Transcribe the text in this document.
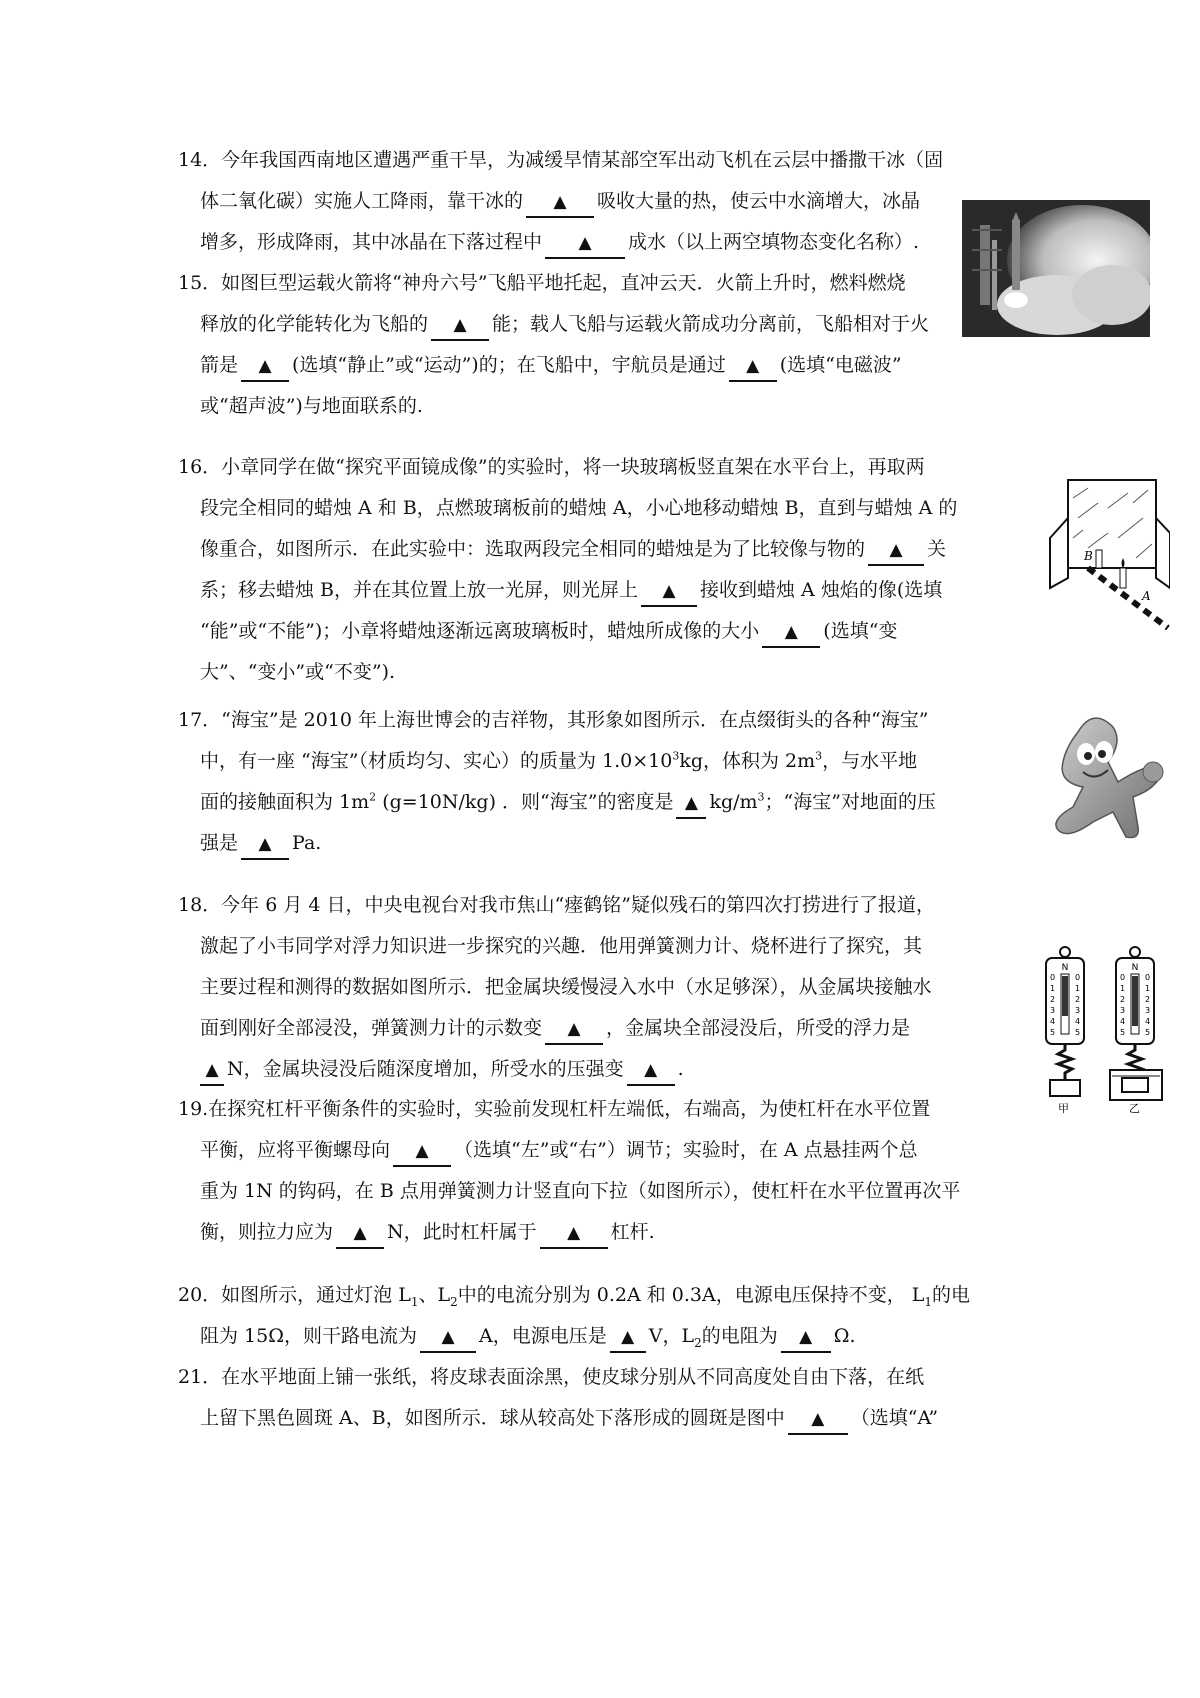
14．今年我国西南地区遭遇严重干旱，为减缓旱情某部空军出动飞机在云层中播撒干冰（固
体二氧化碳）实施人工降雨，靠干冰的 ▲ 吸收大量的热，使云中水滴增大，冰晶
增多，形成降雨，其中冰晶在下落过程中 ▲ 成水（以上两空填物态变化名称）.
15．如图巨型运载火箭将“神舟六号”飞船平地托起，直冲云天．火箭上升时，燃料燃烧
释放的化学能转化为飞船的 ▲ 能；载人飞船与运载火箭成功分离前，飞船相对于火
箭是 ▲ (选填“静止”或“运动”)的；在飞船中，宇航员是通过 ▲ (选填“电磁波”
或“超声波”)与地面联系的.
16．小章同学在做“探究平面镜成像”的实验时，将一块玻璃板竖直架在水平台上，再取两
段完全相同的蜡烛 A 和 B，点燃玻璃板前的蜡烛 A，小心地移动蜡烛 B，直到与蜡烛 A 的
像重合，如图所示．在此实验中：选取两段完全相同的蜡烛是为了比较像与物的 ▲ 关
系；移去蜡烛 B，并在其位置上放一光屏，则光屏上 ▲ 接收到蜡烛 A 烛焰的像(选填
“能”或“不能”)；小章将蜡烛逐渐远离玻璃板时，蜡烛所成像的大小 ▲ (选填“变
大”、“变小”或“不变”).
17．“海宝”是 2010 年上海世博会的吉祥物，其形象如图所示．在点缀街头的各种“海宝”
中，有一座 “海宝”（材质均匀、实心）的质量为 $1.0\times 10^3kg$，体积为 $2m^3$，与水平地
面的接触面积为 $1m^2$ (g=10N/kg) ．则“海宝”的密度是 ▲ $kg/m^3$；“海宝”对地面的压
强是 ▲ Pa.
18．今年 6 月 4 日，中央电视台对我市焦山“瘗鹤铭”疑似残石的第四次打捞进行了报道，
激起了小韦同学对浮力知识进一步探究的兴趣．他用弹簧测力计、烧杯进行了探究，其
主要过程和测得的数据如图所示．把金属块缓慢浸入水中（水足够深），从金属块接触水
面到刚好全部浸没，弹簧测力计的示数变 ▲ ，金属块全部浸没后，所受的浮力是
▲ N，金属块浸没后随深度增加，所受水的压强变 ▲ .
19.在探究杠杆平衡条件的实验时，实验前发现杠杆左端低，右端高，为使杠杆在水平位置
平衡，应将平衡螺母向 ▲ （选填“左”或“右”）调节；实验时，在 A 点悬挂两个总
重为 1N 的钩码，在 B 点用弹簧测力计竖直向下拉（如图所示），使杠杆在水平位置再次平
衡，则拉力应为 ▲ N，此时杠杆属于 ▲ 杠杆.
20．如图所示，通过灯泡 $L_1$、$L_2$中的电流分别为 0.2A 和 0.3A，电源电压保持不变， $L_1$的电
阻为 15Ω，则干路电流为 ▲ A，电源电压是 ▲ V，$L_2$的电阻为 ▲ Ω.
21．在水平地面上铺一张纸，将皮球表面涂黑，使皮球分别从不同高度处自由下落，在纸
上留下黑色圆斑 A、B，如图所示．球从较高处下落形成的圆斑是图中 ▲ （选填“A”
B
A
N
0 0
1 1
2 2
3 3
4 4
5 5
甲
N
0 0
1 1
2 2
3 3
4 4
5 5
乙
